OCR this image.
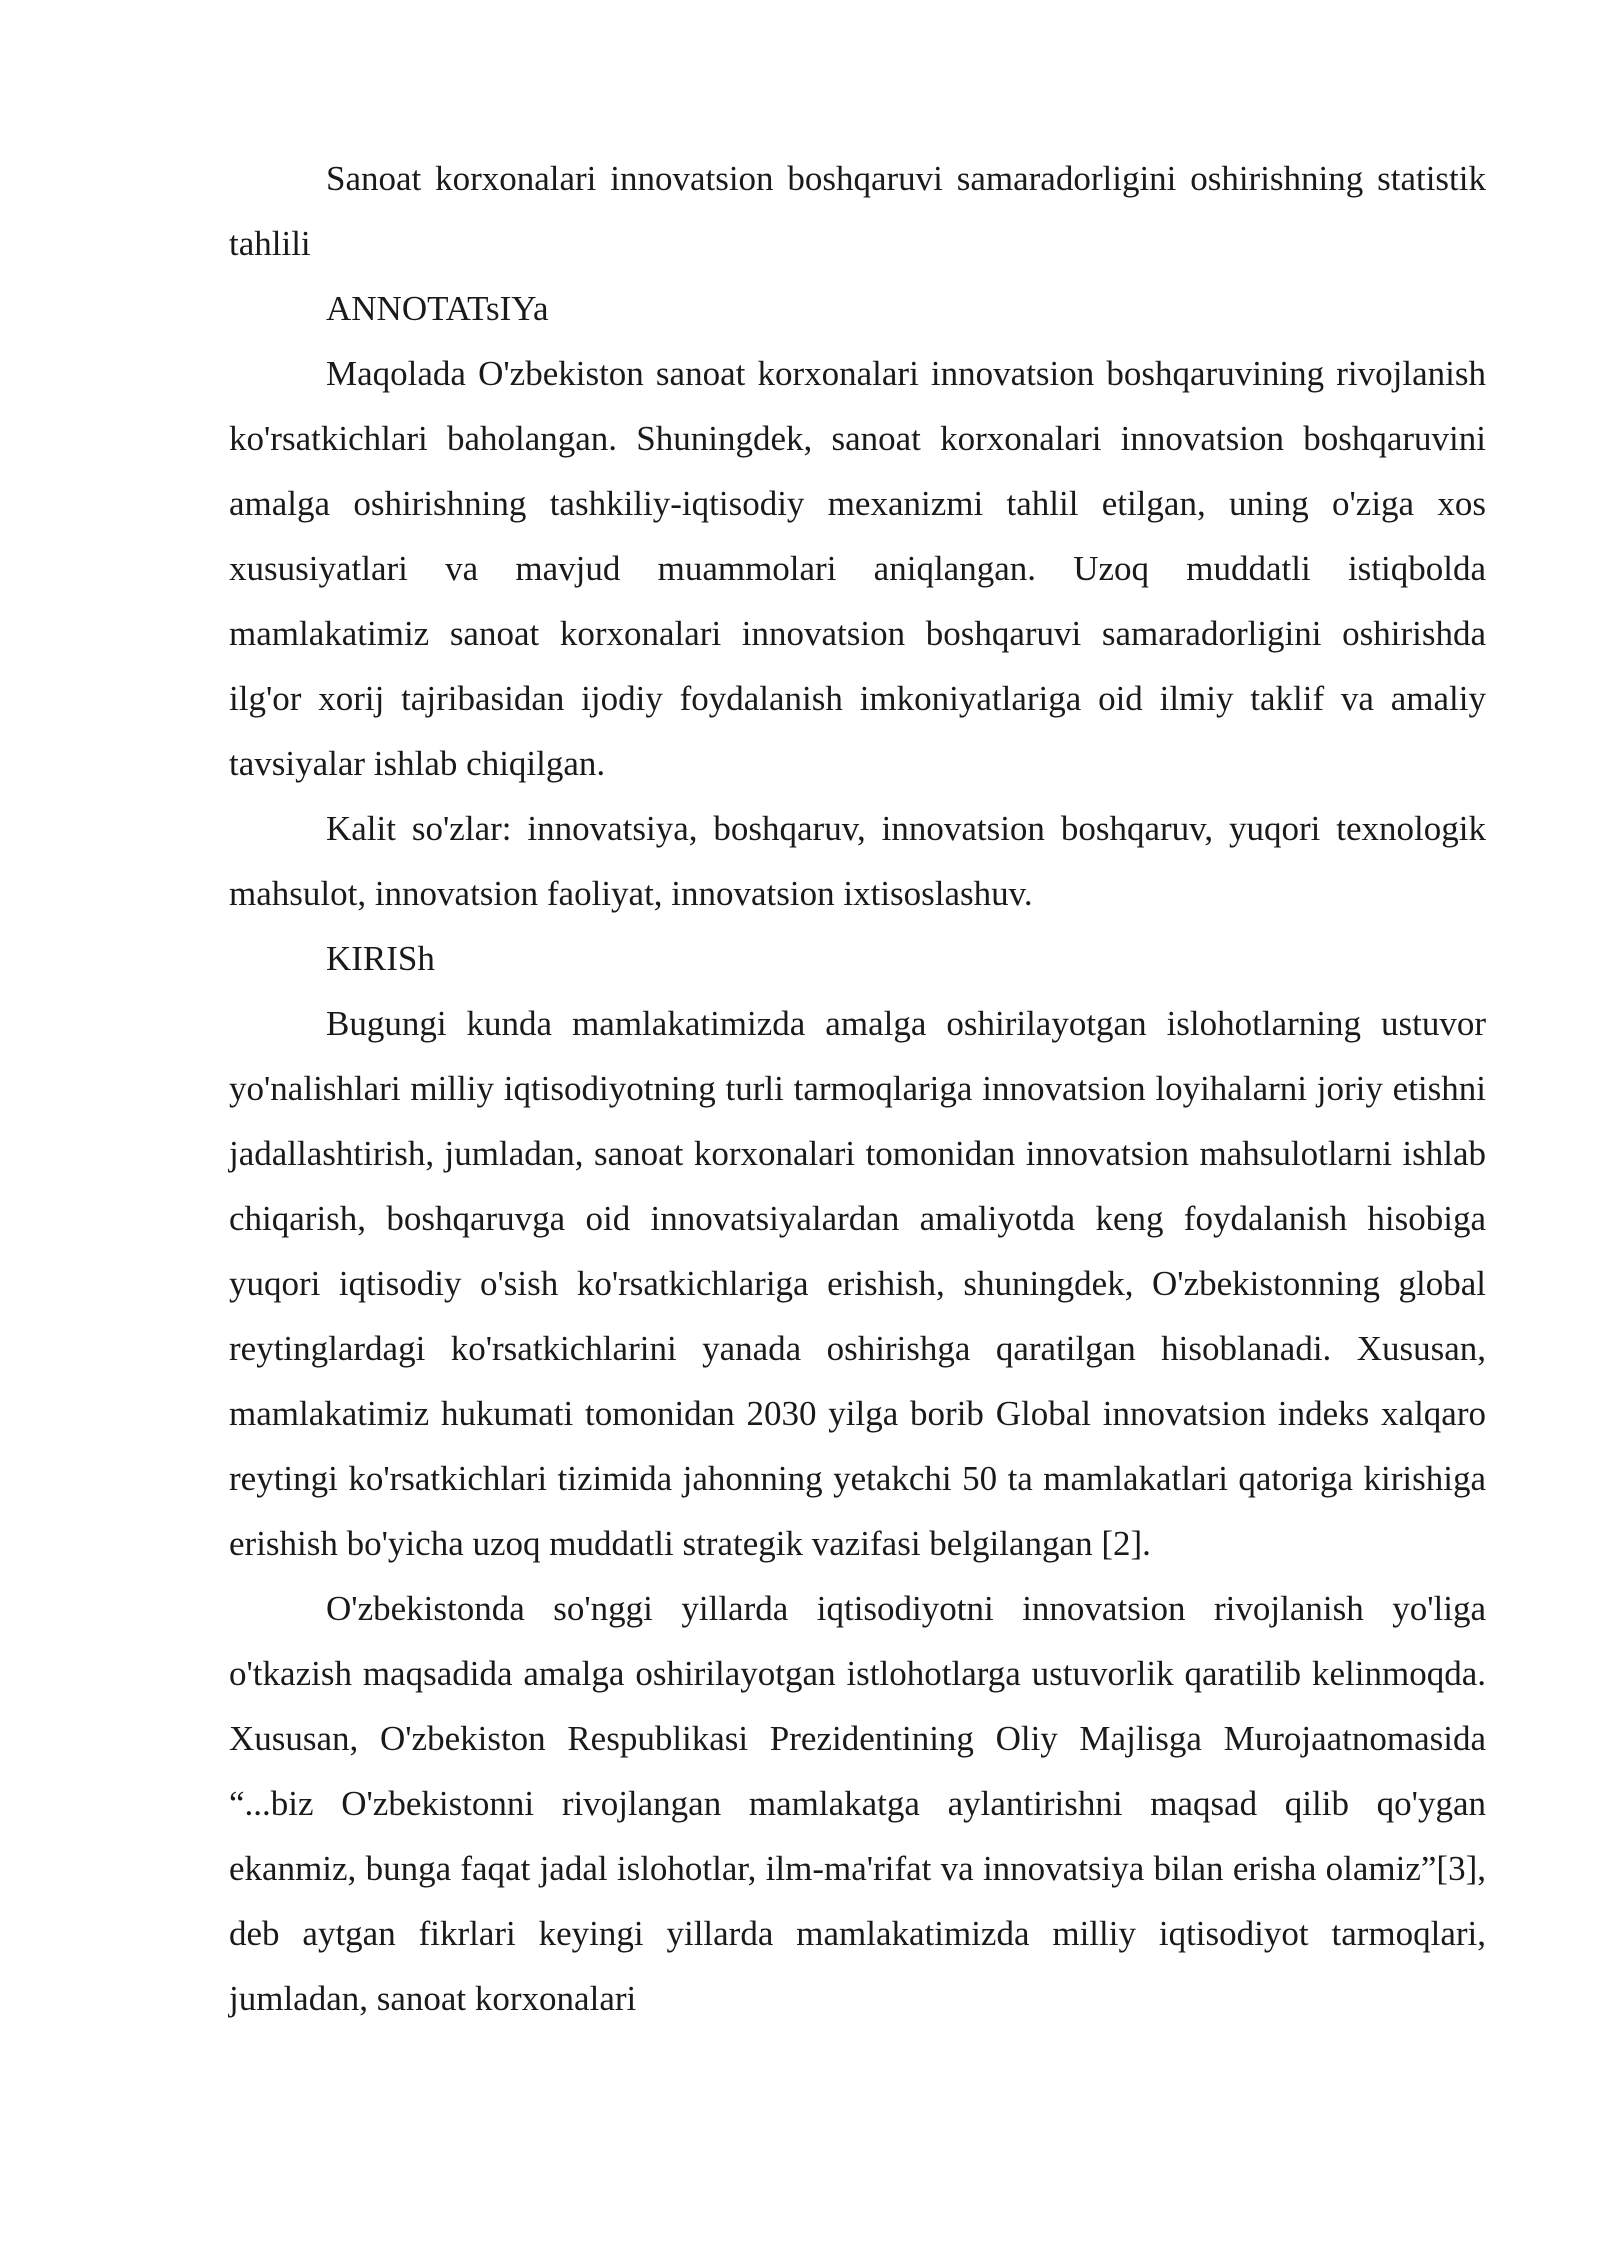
Sanoat korxonalari innovatsion boshqaruvi samaradorligini oshirishning statistik tahlili

ANNOTATsIYa

Maqolada O'zbekiston sanoat korxonalari innovatsion boshqaruvining rivojlanish ko'rsatkichlari baholangan. Shuningdek, sanoat korxonalari innovatsion boshqaruvini amalga oshirishning tashkiliy-iqtisodiy mexanizmi tahlil etilgan, uning o'ziga xos xususiyatlari va mavjud muammolari aniqlangan. Uzoq muddatli istiqbolda mamlakatimiz sanoat korxonalari innovatsion boshqaruvi samaradorligini oshirishda ilg'or xorij tajribasidan ijodiy foydalanish imkoniyatlariga oid ilmiy taklif va amaliy tavsiyalar ishlab chiqilgan.

Kalit so'zlar: innovatsiya, boshqaruv, innovatsion boshqaruv, yuqori texnologik mahsulot, innovatsion faoliyat, innovatsion ixtisoslashuv.

KIRISh

Bugungi kunda mamlakatimizda amalga oshirilayotgan islohotlarning ustuvor yo'nalishlari milliy iqtisodiyotning turli tarmoqlariga innovatsion loyihalarni joriy etishni jadallashtirish, jumladan, sanoat korxonalari tomonidan innovatsion mahsulotlarni ishlab chiqarish, boshqaruvga oid innovatsiyalardan amaliyotda keng foydalanish hisobiga yuqori iqtisodiy o'sish ko'rsatkichlariga erishish, shuningdek, O'zbekistonning global reytinglardagi ko'rsatkichlarini yanada oshirishga qaratilgan hisoblanadi. Xususan, mamlakatimiz hukumati tomonidan 2030 yilga borib Global innovatsion indeks xalqaro reytingi ko'rsatkichlari tizimida jahonning yetakchi 50 ta mamlakatlari qatoriga kirishiga erishish bo'yicha uzoq muddatli strategik vazifasi belgilangan [2].

O'zbekistonda so'nggi yillarda iqtisodiyotni innovatsion rivojlanish yo'liga o'tkazish maqsadida amalga oshirilayotgan istlohotlarga ustuvorlik qaratilib kelinmoqda. Xususan, O'zbekiston Respublikasi Prezidentining Oliy Majlisga Murojaatnomasida “...biz O'zbekistonni rivojlangan mamlakatga aylantirishni maqsad qilib qo'ygan ekanmiz, bunga faqat jadal islohotlar, ilm-ma'rifat va innovatsiya bilan erisha olamiz”[3], deb aytgan fikrlari keyingi yillarda mamlakatimizda milliy iqtisodiyot tarmoqlari, jumladan, sanoat korxonalari
